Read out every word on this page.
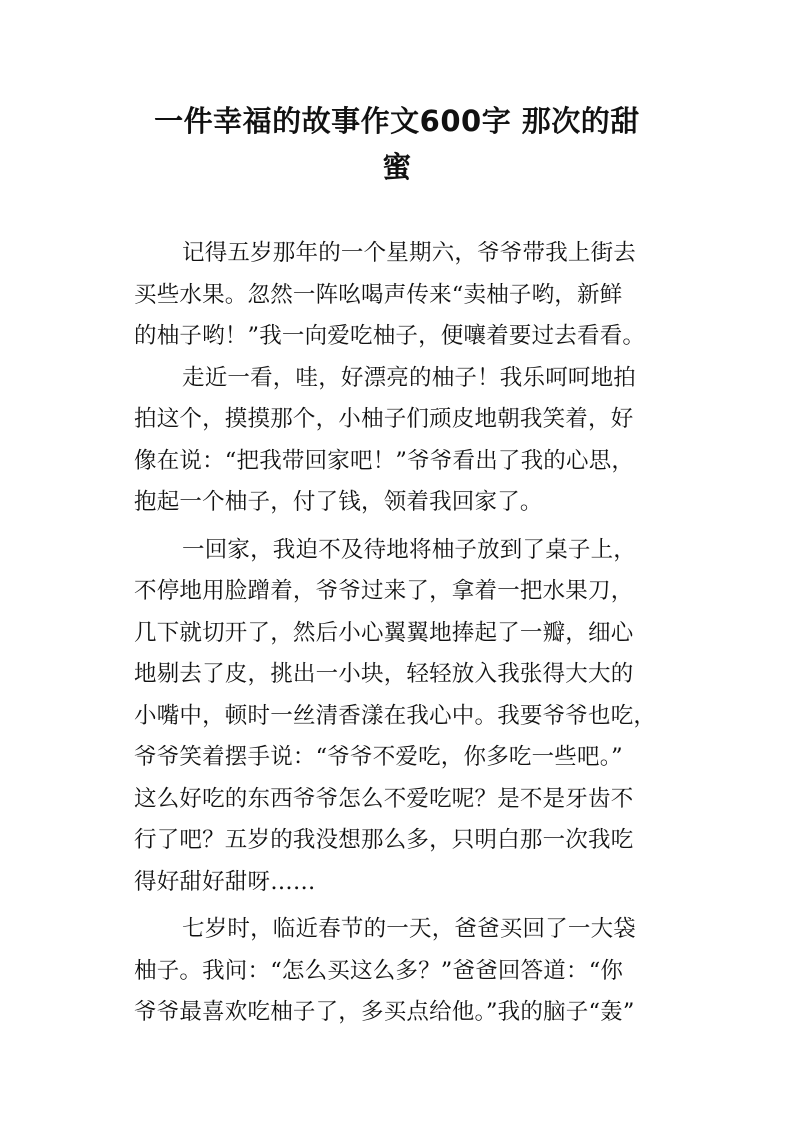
一件幸福的故事作文600字 那次的甜
蜜
记得五岁那年的一个星期六，爷爷带我上街去
买些水果。忽然一阵吆喝声传来“卖柚子哟，新鲜
的柚子哟！”我一向爱吃柚子，便嚷着要过去看看。
走近一看，哇，好漂亮的柚子！我乐呵呵地拍
拍这个，摸摸那个，小柚子们顽皮地朝我笑着，好
像在说：“把我带回家吧！”爷爷看出了我的心思，
抱起一个柚子，付了钱，领着我回家了。
一回家，我迫不及待地将柚子放到了桌子上，
不停地用脸蹭着，爷爷过来了，拿着一把水果刀，
几下就切开了，然后小心翼翼地捧起了一瓣，细心
地剔去了皮，挑出一小块，轻轻放入我张得大大的
小嘴中，顿时一丝清香漾在我心中。我要爷爷也吃，
爷爷笑着摆手说：“爷爷不爱吃，你多吃一些吧。”
这么好吃的东西爷爷怎么不爱吃呢？是不是牙齿不
行了吧？五岁的我没想那么多，只明白那一次我吃
得好甜好甜呀……
七岁时，临近春节的一天，爸爸买回了一大袋
柚子。我问：“怎么买这么多？”爸爸回答道：“你
爷爷最喜欢吃柚子了，多买点给他。”我的脑子“轰”
